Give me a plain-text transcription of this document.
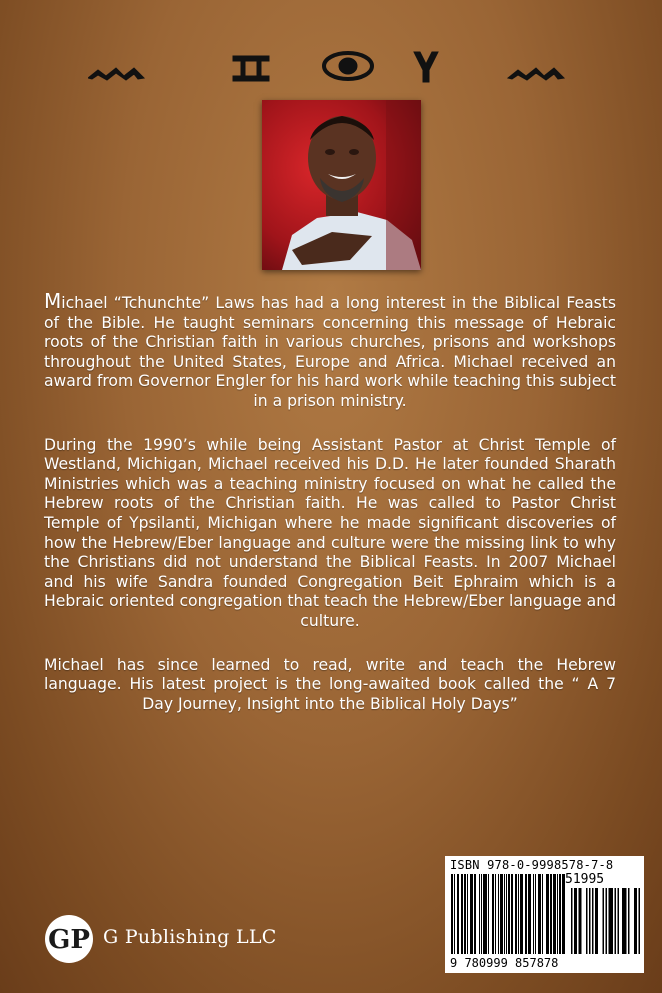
Michael “Tchunchte” Laws has had a long interest in the Biblical Feasts of the Bible. He taught seminars concerning this message of Hebraic roots of the Christian faith in various churches, prisons and workshops throughout the United States, Europe and Africa. Michael received an award from Governor Engler for his hard work while teaching this subject in a prison ministry.

During the 1990’s while being Assistant Pastor at Christ Temple of Westland, Michigan, Michael received his D.D. He later founded Sharath Ministries which was a teaching ministry focused on what he called the Hebrew roots of the Christian faith. He was called to Pastor Christ Temple of Ypsilanti, Michigan where he made significant discoveries of how the Hebrew/Eber language and culture were the missing link to why the Christians did not understand the Biblical Feasts. In 2007 Michael and his wife Sandra founded Congregation Beit Ephraim which is a Hebraic oriented congregation that teach the Hebrew/Eber language and culture.

Michael has since learned to read, write and teach the Hebrew language. His latest project is the long-awaited book called the “ A 7 Day Journey, Insight into the Biblical Holy Days”

GP G Publishing LLC
ISBN 978-0-9998578-7-8
51995
9 780999 857878
